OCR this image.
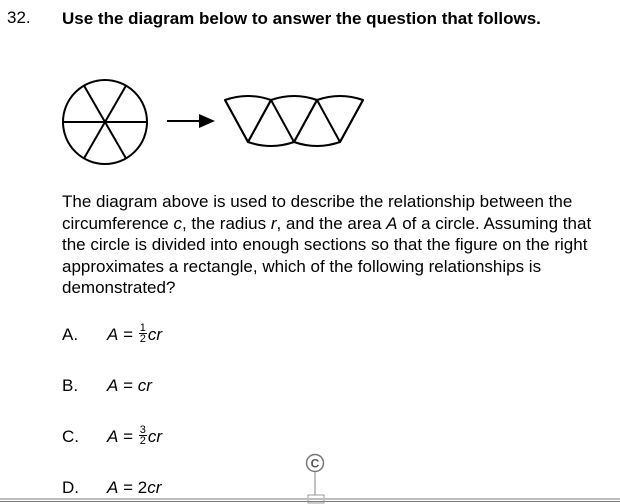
32. Use the diagram below to answer the question that follows.
The diagram above is used to describe the relationship between the circumference c, the radius r, and the area A of a circle. Assuming that the circle is divided into enough sections so that the figure on the right approximates a rectangle, which of the following relationships is demonstrated?
A. $A = \frac{1}{2}$ cr
B. A = cr
C. $A = \frac{3}{2}$ cr
D. A = 2cr
C
